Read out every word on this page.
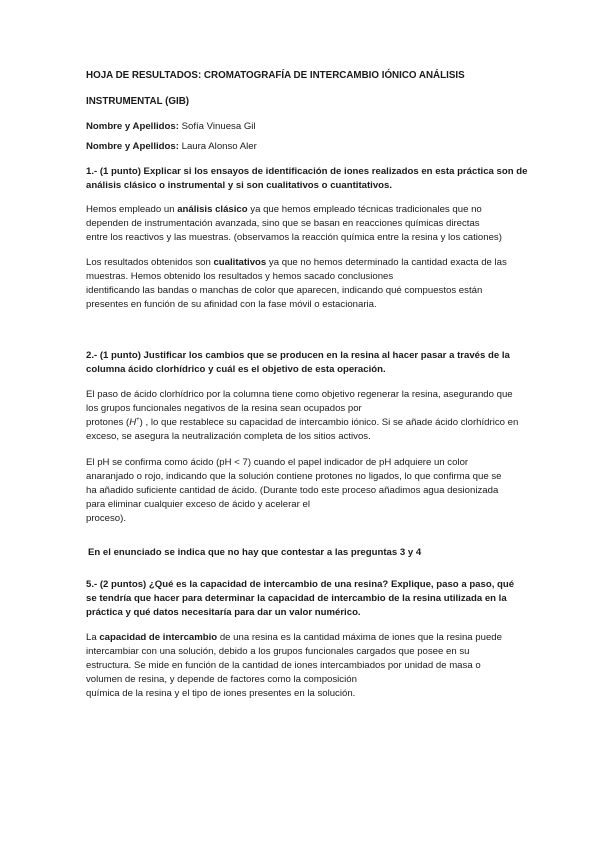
HOJA DE RESULTADOS: CROMATOGRAFÍA DE INTERCAMBIO IÓNICO ANÁLISIS
INSTRUMENTAL (GIB)
Nombre y Apellidos: Sofía Vinuesa Gil
Nombre y Apellidos: Laura Alonso Aler
1.- (1 punto) Explicar si los ensayos de identificación de iones realizados en esta práctica son de
análisis clásico o instrumental y si son cualitativos o cuantitativos.
Hemos empleado un análisis clásico ya que hemos empleado técnicas tradicionales que no
dependen de instrumentación avanzada, sino que se basan en reacciones químicas directas
entre los reactivos y las muestras. (observamos la reacción química entre la resina y los cationes)
Los resultados obtenidos son cualitativos ya que no hemos determinado la cantidad exacta de las
muestras. Hemos obtenido los resultados y hemos sacado conclusiones
identificando las bandas o manchas de color que aparecen, indicando qué compuestos están
presentes en función de su afinidad con la fase móvil o estacionaria.
2.- (1 punto) Justificar los cambios que se producen en la resina al hacer pasar a través de la
columna ácido clorhídrico y cuál es el objetivo de esta operación.
El paso de ácido clorhídrico por la columna tiene como objetivo regenerar la resina, asegurando que
los grupos funcionales negativos de la resina sean ocupados por
protones (H+) , lo que restablece su capacidad de intercambio iónico. Si se añade ácido clorhídrico en
exceso, se asegura la neutralización completa de los sitios activos.
El pH se confirma como ácido (pH < 7) cuando el papel indicador de pH adquiere un color
anaranjado o rojo, indicando que la solución contiene protones no ligados, lo que confirma que se
ha añadido suficiente cantidad de ácido. (Durante todo este proceso añadimos agua desionizada
para eliminar cualquier exceso de ácido y acelerar el
proceso).
En el enunciado se indica que no hay que contestar a las preguntas 3 y 4
5.- (2 puntos) ¿Qué es la capacidad de intercambio de una resina? Explique, paso a paso, qué
se tendría que hacer para determinar la capacidad de intercambio de la resina utilizada en la
práctica y qué datos necesitaría para dar un valor numérico.
La capacidad de intercambio de una resina es la cantidad máxima de iones que la resina puede
intercambiar con una solución, debido a los grupos funcionales cargados que posee en su
estructura. Se mide en función de la cantidad de iones intercambiados por unidad de masa o
volumen de resina, y depende de factores como la composición
química de la resina y el tipo de iones presentes en la solución.
